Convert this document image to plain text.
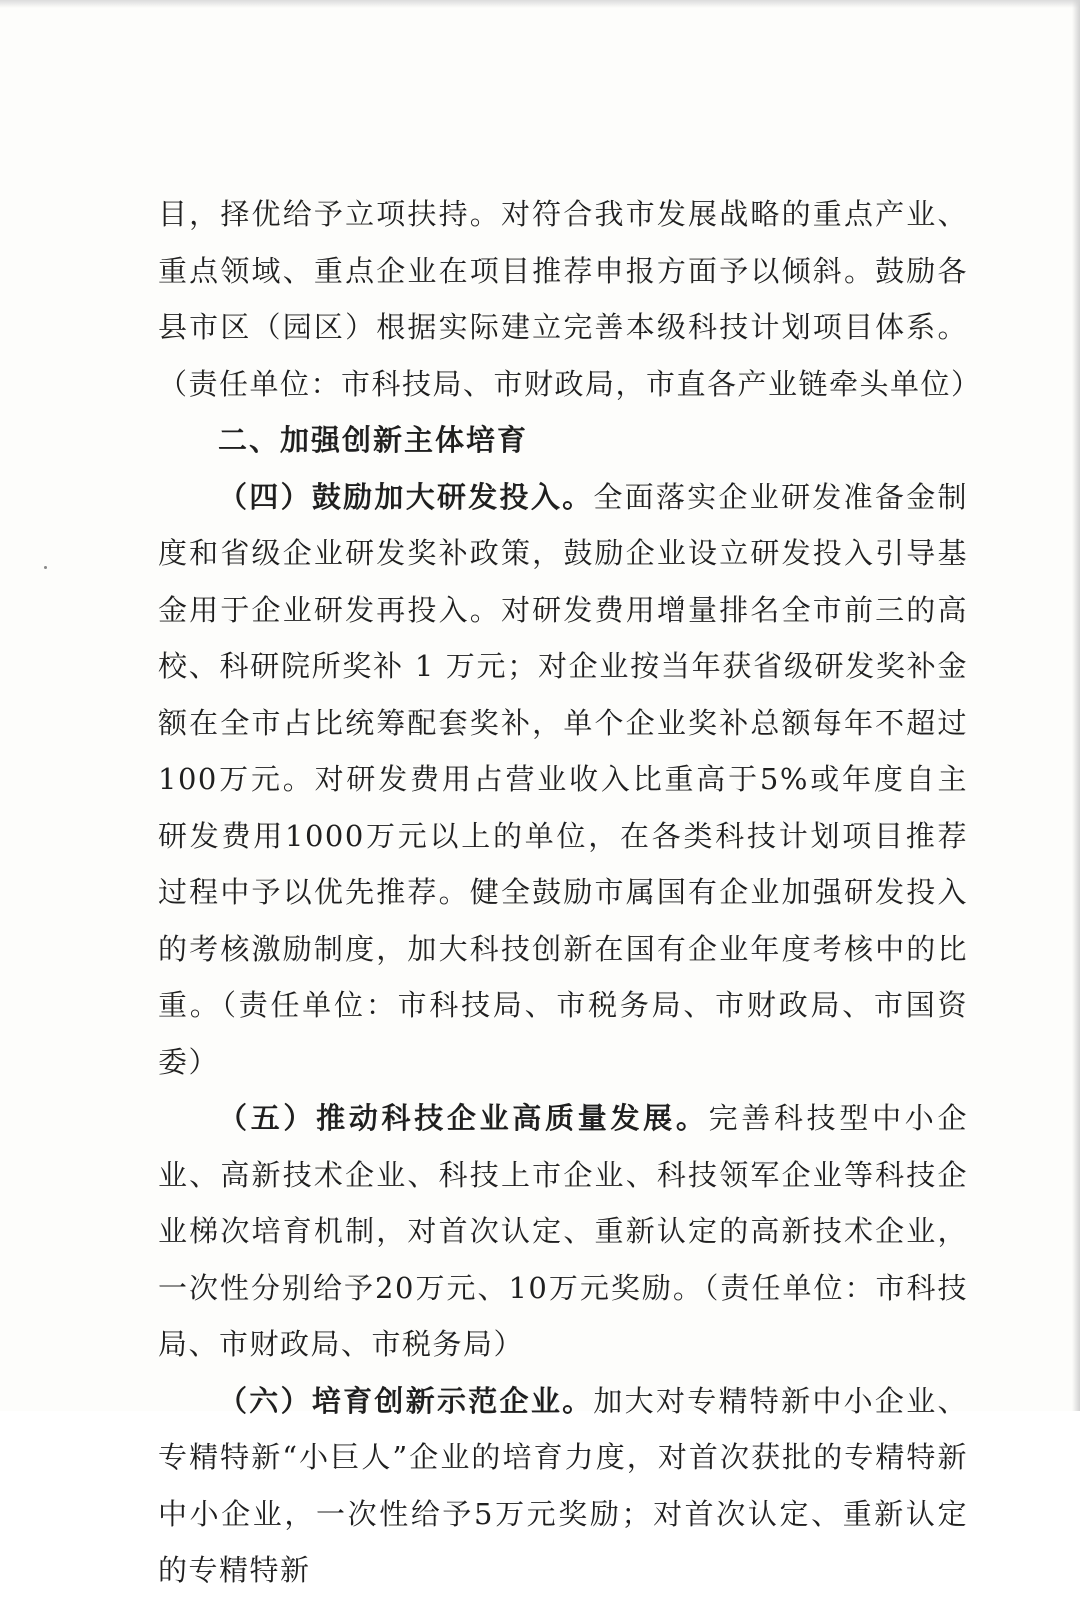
目，择优给予立项扶持。对符合我市发展战略的重点产业、重点领域、重点企业在项目推荐申报方面予以倾斜。鼓励各县市区（园区）根据实际建立完善本级科技计划项目体系。（责任单位：市科技局、市财政局，市直各产业链牵头单位）

二、加强创新主体培育

（四）鼓励加大研发投入。全面落实企业研发准备金制度和省级企业研发奖补政策，鼓励企业设立研发投入引导基金用于企业研发再投入。对研发费用增量排名全市前三的高校、科研院所奖补 1 万元；对企业按当年获省级研发奖补金额在全市占比统筹配套奖补，单个企业奖补总额每年不超过100万元。对研发费用占营业收入比重高于5%或年度自主研发费用1000万元以上的单位，在各类科技计划项目推荐过程中予以优先推荐。健全鼓励市属国有企业加强研发投入的考核激励制度，加大科技创新在国有企业年度考核中的比重。（责任单位：市科技局、市税务局、市财政局、市国资委）

（五）推动科技企业高质量发展。完善科技型中小企业、高新技术企业、科技上市企业、科技领军企业等科技企业梯次培育机制，对首次认定、重新认定的高新技术企业，一次性分别给予20万元、10万元奖励。（责任单位：市科技局、市财政局、市税务局）

（六）培育创新示范企业。加大对专精特新中小企业、专精特新“小巨人”企业的培育力度，对首次获批的专精特新中小企业，一次性给予5万元奖励；对首次认定、重新认定的专精特新
